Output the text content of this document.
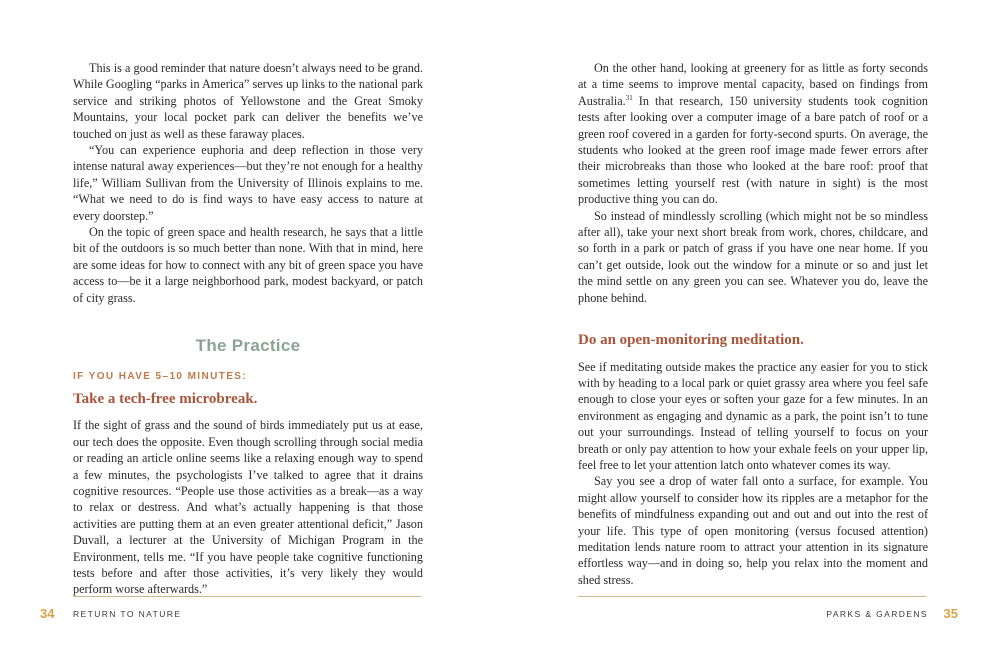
This is a good reminder that nature doesn’t always need to be grand. While Googling “parks in America” serves up links to the national park service and striking photos of Yellowstone and the Great Smoky Mountains, your local pocket park can deliver the benefits we’ve touched on just as well as these faraway places.

“You can experience euphoria and deep reflection in those very intense natural away experiences—but they’re not enough for a healthy life,” William Sullivan from the University of Illinois explains to me. “What we need to do is find ways to have easy access to nature at every doorstep.”

On the topic of green space and health research, he says that a little bit of the outdoors is so much better than none. With that in mind, here are some ideas for how to connect with any bit of green space you have access to—be it a large neighborhood park, modest backyard, or patch of city grass.

The Practice
IF YOU HAVE 5–10 MINUTES:
Take a tech-free microbreak.

If the sight of grass and the sound of birds immediately put us at ease, our tech does the opposite. Even though scrolling through social media or reading an article online seems like a relaxing enough way to spend a few minutes, the psychologists I’ve talked to agree that it drains cognitive resources. “People use those activities as a break—as a way to relax or destress. And what’s actually happening is that those activities are putting them at an even greater attentional deficit,” Jason Duvall, a lecturer at the University of Michigan Program in the Environment, tells me. “If you have people take cognitive functioning tests before and after those activities, it’s very likely they would perform worse afterwards.”

34 RETURN TO NATURE

On the other hand, looking at greenery for as little as forty seconds at a time seems to improve mental capacity, based on findings from Australia.$^{31}$ In that research, 150 university students took cognition tests after looking over a computer image of a bare patch of roof or a green roof covered in a garden for forty-second spurts. On average, the students who looked at the green roof image made fewer errors after their microbreaks than those who looked at the bare roof: proof that sometimes letting yourself rest (with nature in sight) is the most productive thing you can do.

So instead of mindlessly scrolling (which might not be so mindless after all), take your next short break from work, chores, childcare, and so forth in a park or patch of grass if you have one near home. If you can’t get outside, look out the window for a minute or so and just let the mind settle on any green you can see. Whatever you do, leave the phone behind.

Do an open-monitoring meditation.

See if meditating outside makes the practice any easier for you to stick with by heading to a local park or quiet grassy area where you feel safe enough to close your eyes or soften your gaze for a few minutes. In an environment as engaging and dynamic as a park, the point isn’t to tune out your surroundings. Instead of telling yourself to focus on your breath or only pay attention to how your exhale feels on your upper lip, feel free to let your attention latch onto whatever comes its way.

Say you see a drop of water fall onto a surface, for example. You might allow yourself to consider how its ripples are a metaphor for the benefits of mindfulness expanding out and out and out into the rest of your life. This type of open monitoring (versus focused attention) meditation lends nature room to attract your attention in its signature effortless way—and in doing so, help you relax into the moment and shed stress.

PARKS & GARDENS 35
